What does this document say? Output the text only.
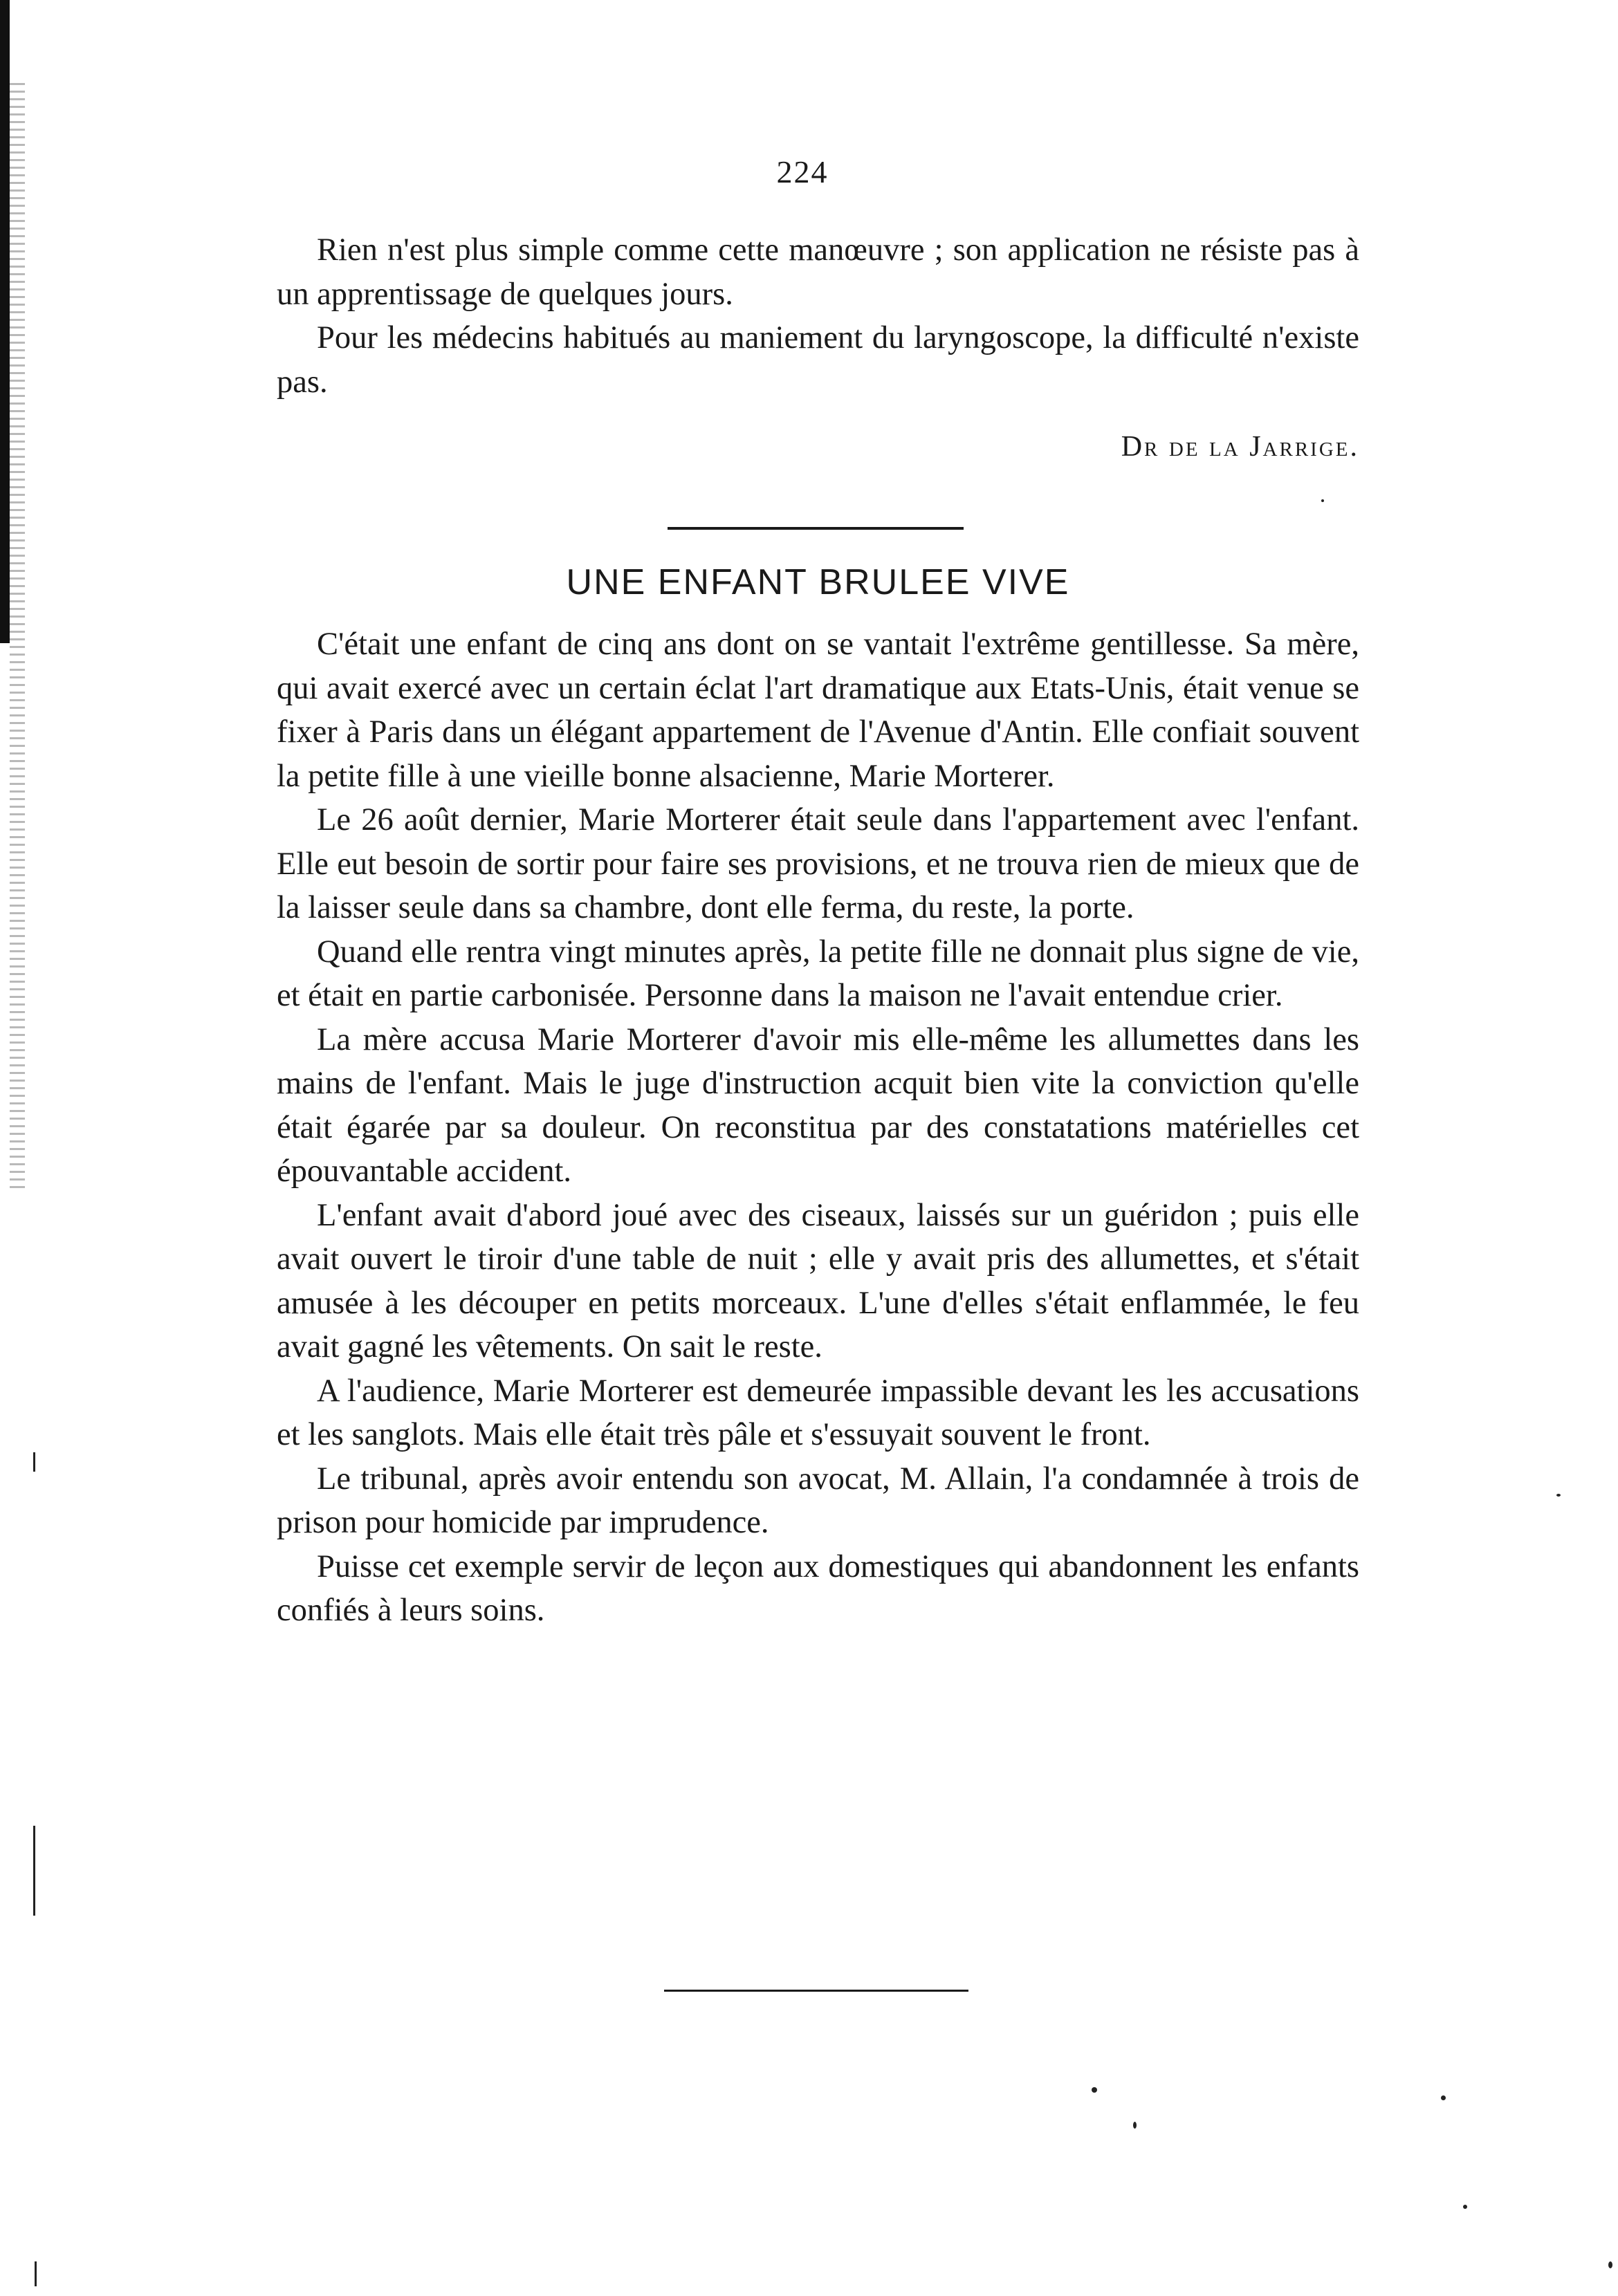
224

Rien n'est plus simple comme cette manœuvre ; son application ne résiste pas à un apprentissage de quelques jours.

Pour les médecins habitués au maniement du laryngoscope, la difficulté n'existe pas.

Dr de la Jarrige.
UNE ENFANT BRULEE VIVE

C'était une enfant de cinq ans dont on se vantait l'extrême gentillesse. Sa mère, qui avait exercé avec un certain éclat l'art dramatique aux Etats-Unis, était venue se fixer à Paris dans un élégant appartement de l'Avenue d'Antin. Elle confiait souvent la petite fille à une vieille bonne alsacienne, Marie Morterer.

Le 26 août dernier, Marie Morterer était seule dans l'appartement avec l'enfant. Elle eut besoin de sortir pour faire ses provisions, et ne trouva rien de mieux que de la laisser seule dans sa chambre, dont elle ferma, du reste, la porte.

Quand elle rentra vingt minutes après, la petite fille ne donnait plus signe de vie, et était en partie carbonisée. Personne dans la maison ne l'avait entendue crier.

La mère accusa Marie Morterer d'avoir mis elle-même les allumettes dans les mains de l'enfant. Mais le juge d'instruction acquit bien vite la conviction qu'elle était égarée par sa douleur. On reconstitua par des constatations matérielles cet épouvantable accident.

L'enfant avait d'abord joué avec des ciseaux, laissés sur un guéridon ; puis elle avait ouvert le tiroir d'une table de nuit ; elle y avait pris des allumettes, et s'était amusée à les découper en petits morceaux. L'une d'elles s'était enflammée, le feu avait gagné les vêtements. On sait le reste.

A l'audience, Marie Morterer est demeurée impassible devant les les accusations et les sanglots. Mais elle était très pâle et s'essuyait souvent le front.

Le tribunal, après avoir entendu son avocat, M. Allain, l'a condamnée à trois de prison pour homicide par imprudence.

Puisse cet exemple servir de leçon aux domestiques qui abandonnent les enfants confiés à leurs soins.
